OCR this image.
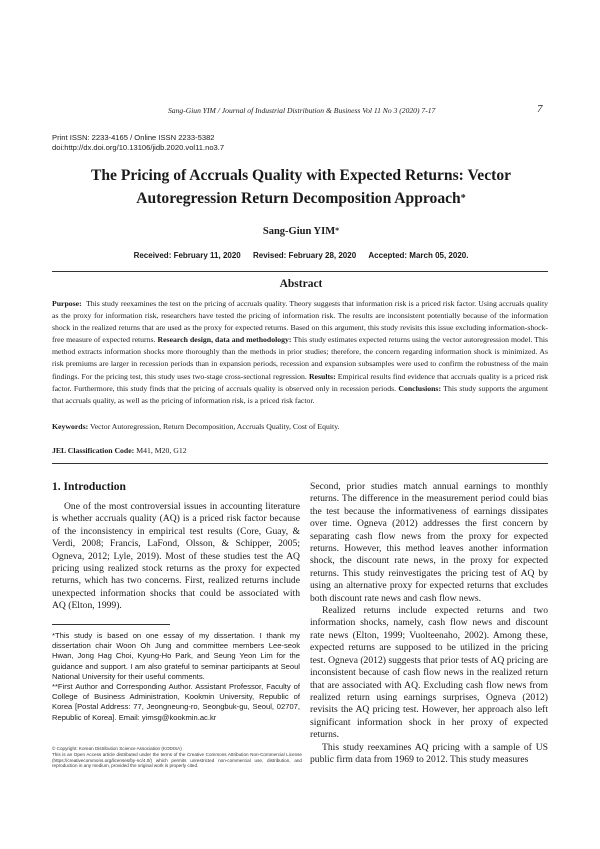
Sang-Giun YIM / Journal of Industrial Distribution & Business Vol 11 No 3 (2020) 7-17	7
Print ISSN: 2233-4165 / Online ISSN 2233-5382
doi:http://dx.doi.org/10.13106/jidb.2020.vol11.no3.7
The Pricing of Accruals Quality with Expected Returns: Vector
Autoregression Return Decomposition Approach*
Sang-Giun YIM*
Received: February 11, 2020 Revised: February 28, 2020 Accepted: March 05, 2020.
Abstract
Purpose: This study reexamines the test on the pricing of accruals quality. Theory suggests that information risk is a priced risk factor. Using accruals quality as the proxy for information risk, researchers have tested the pricing of information risk. The results are inconsistent potentially because of the information shock in the realized returns that are used as the proxy for expected returns. Based on this argument, this study revisits this issue excluding information-shock-free measure of expected returns. Research design, data and methodology: This study estimates expected returns using the vector autoregression model. This method extracts information shocks more thoroughly than the methods in prior studies; therefore, the concern regarding information shock is minimized. As risk premiums are larger in recession periods than in expansion periods, recession and expansion subsamples were used to confirm the robustness of the main findings. For the pricing test, this study uses two-stage cross-sectional regression. Results: Empirical results find evidence that accruals quality is a priced risk factor. Furthermore, this study finds that the pricing of accruals quality is observed only in recession periods. Conclusions: This study supports the argument that accruals quality, as well as the pricing of information risk, is a priced risk factor.
Keywords: Vector Autoregression, Return Decomposition, Accruals Quality, Cost of Equity.
JEL Classification Code: M41, M20, G12
1. Introduction

One of the most controversial issues in accounting literature is whether accruals quality (AQ) is a priced risk factor because of the inconsistency in empirical test results (Core, Guay, & Verdi, 2008; Francis, LaFond, Olsson, & Schipper, 2005; Ogneva, 2012; Lyle, 2019). Most of these studies test the AQ pricing using realized stock returns as the proxy for expected returns, which has two concerns. First, realized returns include unexpected information shocks that could be associated with AQ (Elton, 1999).

*This study is based on one essay of my dissertation. I thank my dissertation chair Woon Oh Jung and committee members Lee-seok Hwan, Jong Hag Choi, Kyung-Ho Park, and Seung Yeon Lim for the guidance and support. I am also grateful to seminar participants at Seoul National University for their useful comments.
**First Author and Corresponding Author. Assistant Professor, Faculty of College of Business Administration, Kookmin University, Republic of Korea [Postal Address: 77, Jeongneung-ro, Seongbuk-gu, Seoul, 02707, Republic of Korea]. Email: yimsg@kookmin.ac.kr
© Copyright: Korean Distribution Science Association (KODISA)
This is an Open Access article distributed under the terms of the Creative Commons Attribution Non-Commercial License (https://creativecommons.org/licenses/by-nc/4.0/) which permits unrestricted non-commercial use, distribution, and reproduction in any medium, provided the original work is properly cited.

Second, prior studies match annual earnings to monthly returns. The difference in the measurement period could bias the test because the informativeness of earnings dissipates over time. Ogneva (2012) addresses the first concern by separating cash flow news from the proxy for expected returns. However, this method leaves another information shock, the discount rate news, in the proxy for expected returns. This study reinvestigates the pricing test of AQ by using an alternative proxy for expected returns that excludes both discount rate news and cash flow news.

Realized returns include expected returns and two information shocks, namely, cash flow news and discount rate news (Elton, 1999; Vuolteenaho, 2002). Among these, expected returns are supposed to be utilized in the pricing test. Ogneva (2012) suggests that prior tests of AQ pricing are inconsistent because of cash flow news in the realized return that are associated with AQ. Excluding cash flow news from realized return using earnings surprises, Ogneva (2012) revisits the AQ pricing test. However, her approach also left significant information shock in her proxy of expected returns.

This study reexamines AQ pricing with a sample of US public firm data from 1969 to 2012. This study measures
